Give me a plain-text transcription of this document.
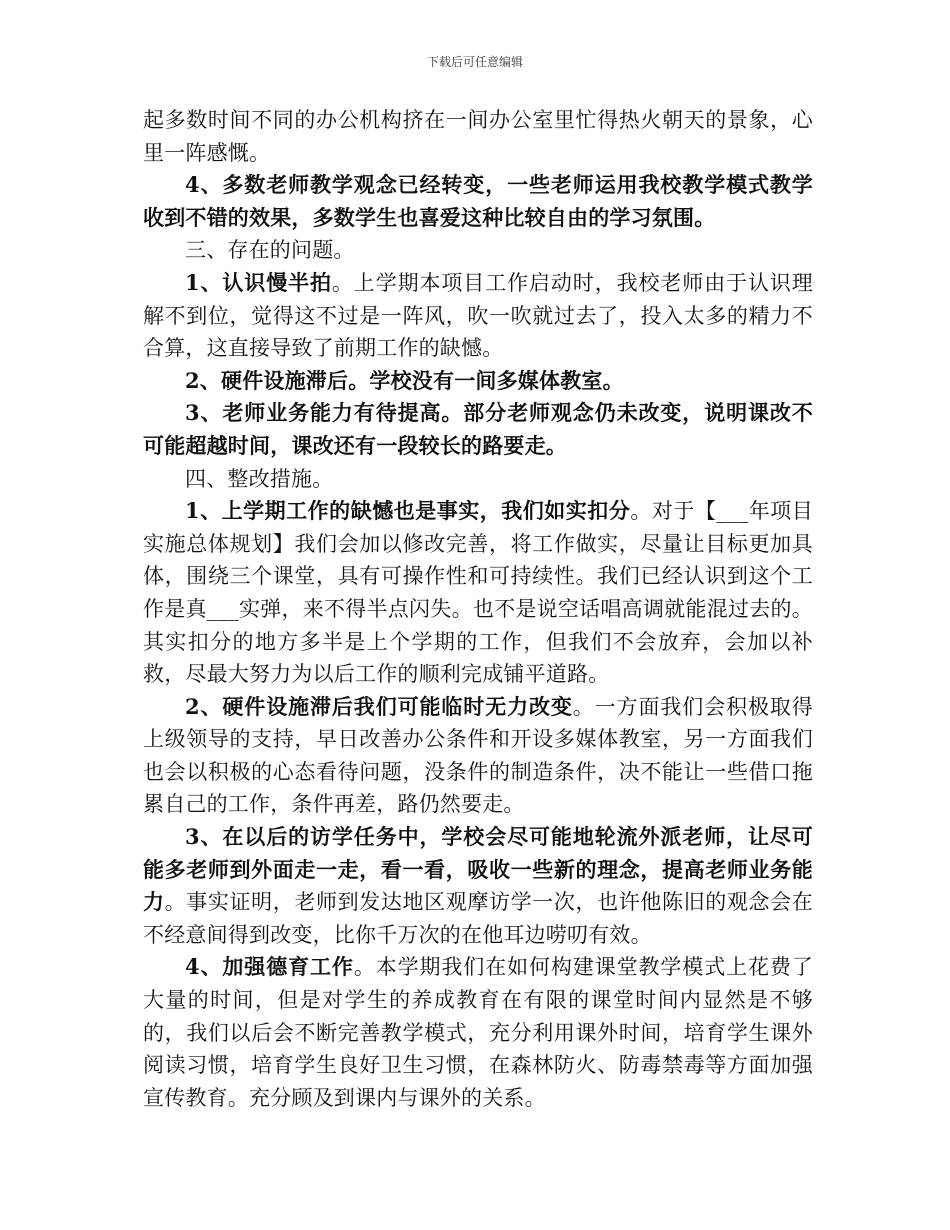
下载后可任意编辑

起多数时间不同的办公机构挤在一间办公室里忙得热火朝天的景象，心里一阵感慨。

4、多数老师教学观念已经转变，一些老师运用我校教学模式教学收到不错的效果，多数学生也喜爱这种比较自由的学习氛围。

三、存在的问题。

1、认识慢半拍。上学期本项目工作启动时，我校老师由于认识理解不到位，觉得这不过是一阵风，吹一吹就过去了，投入太多的精力不合算，这直接导致了前期工作的缺憾。

2、硬件设施滞后。学校没有一间多媒体教室。

3、老师业务能力有待提高。部分老师观念仍未改变，说明课改不可能超越时间，课改还有一段较长的路要走。

四、整改措施。

1、上学期工作的缺憾也是事实，我们如实扣分。对于【___年项目实施总体规划】我们会加以修改完善，将工作做实，尽量让目标更加具体，围绕三个课堂，具有可操作性和可持续性。我们已经认识到这个工作是真___实弹，来不得半点闪失。也不是说空话唱高调就能混过去的。其实扣分的地方多半是上个学期的工作，但我们不会放弃，会加以补救，尽最大努力为以后工作的顺利完成铺平道路。

2、硬件设施滞后我们可能临时无力改变。一方面我们会积极取得上级领导的支持，早日改善办公条件和开设多媒体教室，另一方面我们也会以积极的心态看待问题，没条件的制造条件，决不能让一些借口拖累自己的工作，条件再差，路仍然要走。

3、在以后的访学任务中，学校会尽可能地轮流外派老师，让尽可能多老师到外面走一走，看一看，吸收一些新的理念，提高老师业务能力。事实证明，老师到发达地区观摩访学一次，也许他陈旧的观念会在不经意间得到改变，比你千万次的在他耳边唠叨有效。

4、加强德育工作。本学期我们在如何构建课堂教学模式上花费了大量的时间，但是对学生的养成教育在有限的课堂时间内显然是不够的，我们以后会不断完善教学模式，充分利用课外时间，培育学生课外阅读习惯，培育学生良好卫生习惯，在森林防火、防毒禁毒等方面加强宣传教育。充分顾及到课内与课外的关系。
